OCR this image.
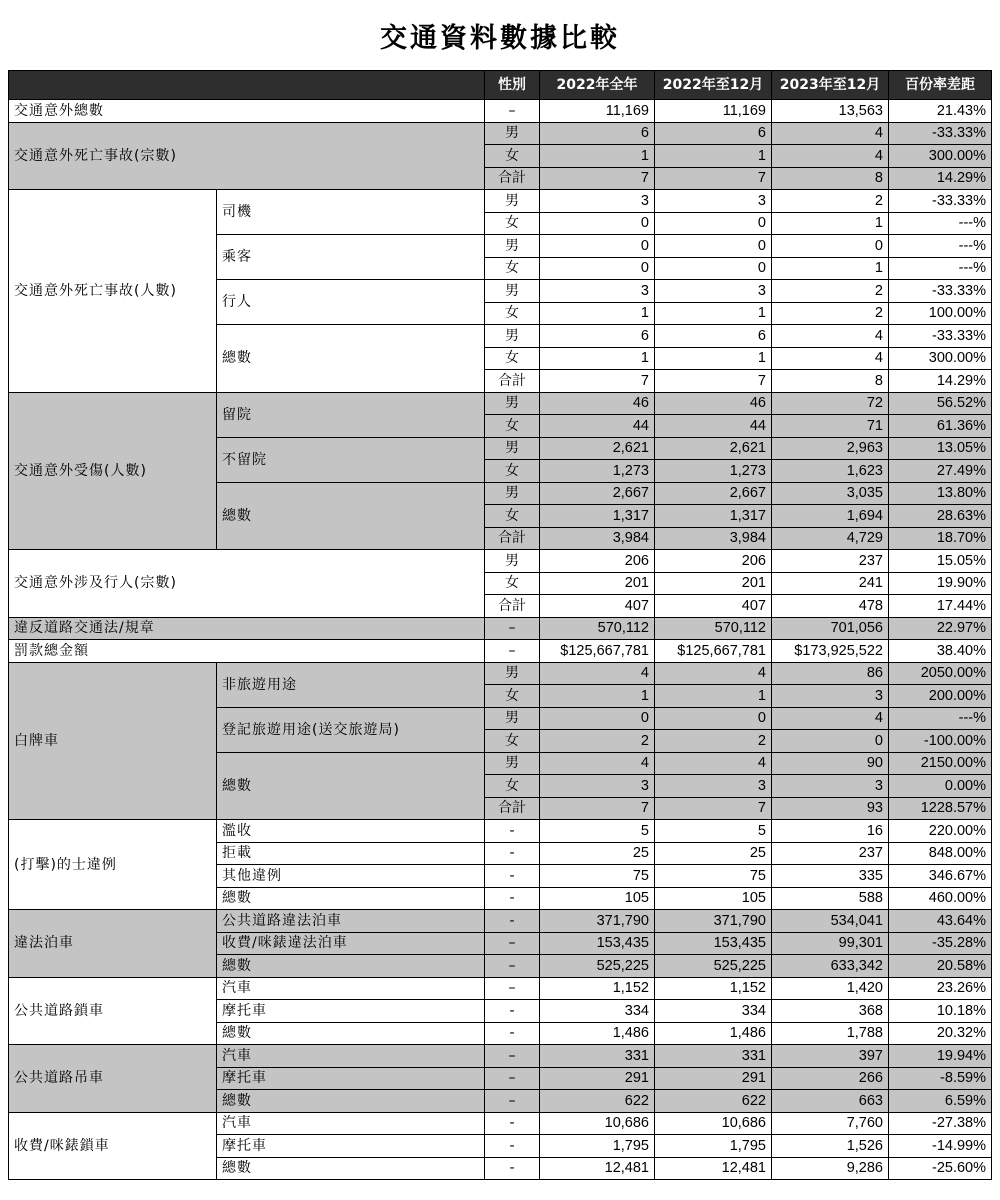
交通資料數據比較
		性別	2022年全年	2022年至12月	2023年至12月	百份率差距
交通意外總數		–	11,169	11,169	13,563	21.43%
交通意外死亡事故(宗數)		男	6	6	4	-33.33%
		女	1	1	4	300.00%
		合計	7	7	8	14.29%
交通意外死亡事故(人數)	司機	男	3	3	2	-33.33%
		女	0	0	1	---%
	乘客	男	0	0	0	---%
		女	0	0	1	---%
	行人	男	3	3	2	-33.33%
		女	1	1	2	100.00%
	總數	男	6	6	4	-33.33%
		女	1	1	4	300.00%
		合計	7	7	8	14.29%
交通意外受傷(人數)	留院	男	46	46	72	56.52%
		女	44	44	71	61.36%
	不留院	男	2,621	2,621	2,963	13.05%
		女	1,273	1,273	1,623	27.49%
	總數	男	2,667	2,667	3,035	13.80%
		女	1,317	1,317	1,694	28.63%
		合計	3,984	3,984	4,729	18.70%
交通意外涉及行人(宗數)		男	206	206	237	15.05%
		女	201	201	241	19.90%
		合計	407	407	478	17.44%
違反道路交通法/規章		–	570,112	570,112	701,056	22.97%
罰款總金額		–	$125,667,781	$125,667,781	$173,925,522	38.40%
白牌車	非旅遊用途	男	4	4	86	2050.00%
		女	1	1	3	200.00%
	登記旅遊用途(送交旅遊局)	男	0	0	4	---%
		女	2	2	0	-100.00%
	總數	男	4	4	90	2150.00%
		女	3	3	3	0.00%
		合計	7	7	93	1228.57%
(打擊)的士違例	濫收	-	5	5	16	220.00%
	拒載	-	25	25	237	848.00%
	其他違例	-	75	75	335	346.67%
	總數	-	105	105	588	460.00%
違法泊車	公共道路違法泊車	-	371,790	371,790	534,041	43.64%
	收費/咪錶違法泊車	–	153,435	153,435	99,301	-35.28%
	總數	–	525,225	525,225	633,342	20.58%
公共道路鎖車	汽車	–	1,152	1,152	1,420	23.26%
	摩托車	-	334	334	368	10.18%
	總數	-	1,486	1,486	1,788	20.32%
公共道路吊車	汽車	–	331	331	397	19.94%
	摩托車	–	291	291	266	-8.59%
	總數	–	622	622	663	6.59%
收費/咪錶鎖車	汽車	-	10,686	10,686	7,760	-27.38%
	摩托車	-	1,795	1,795	1,526	-14.99%
	總數	-	12,481	12,481	9,286	-25.60%
